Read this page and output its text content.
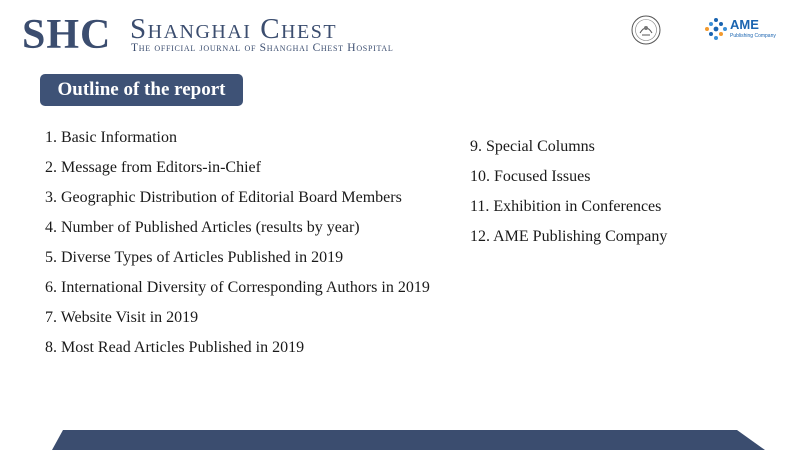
SHC Shanghai Chest
The official journal of Shanghai Chest Hospital
AME
Publishing Company
Outline of the report
1. Basic Information
2. Message from Editors-in-Chief
3. Geographic Distribution of Editorial Board Members
4. Number of Published Articles (results by year)
5. Diverse Types of Articles Published in 2019
6. International Diversity of Corresponding Authors in 2019
7. Website Visit in 2019
8. Most Read Articles Published in 2019
9. Special Columns
10. Focused Issues
11. Exhibition in Conferences
12. AME Publishing Company
